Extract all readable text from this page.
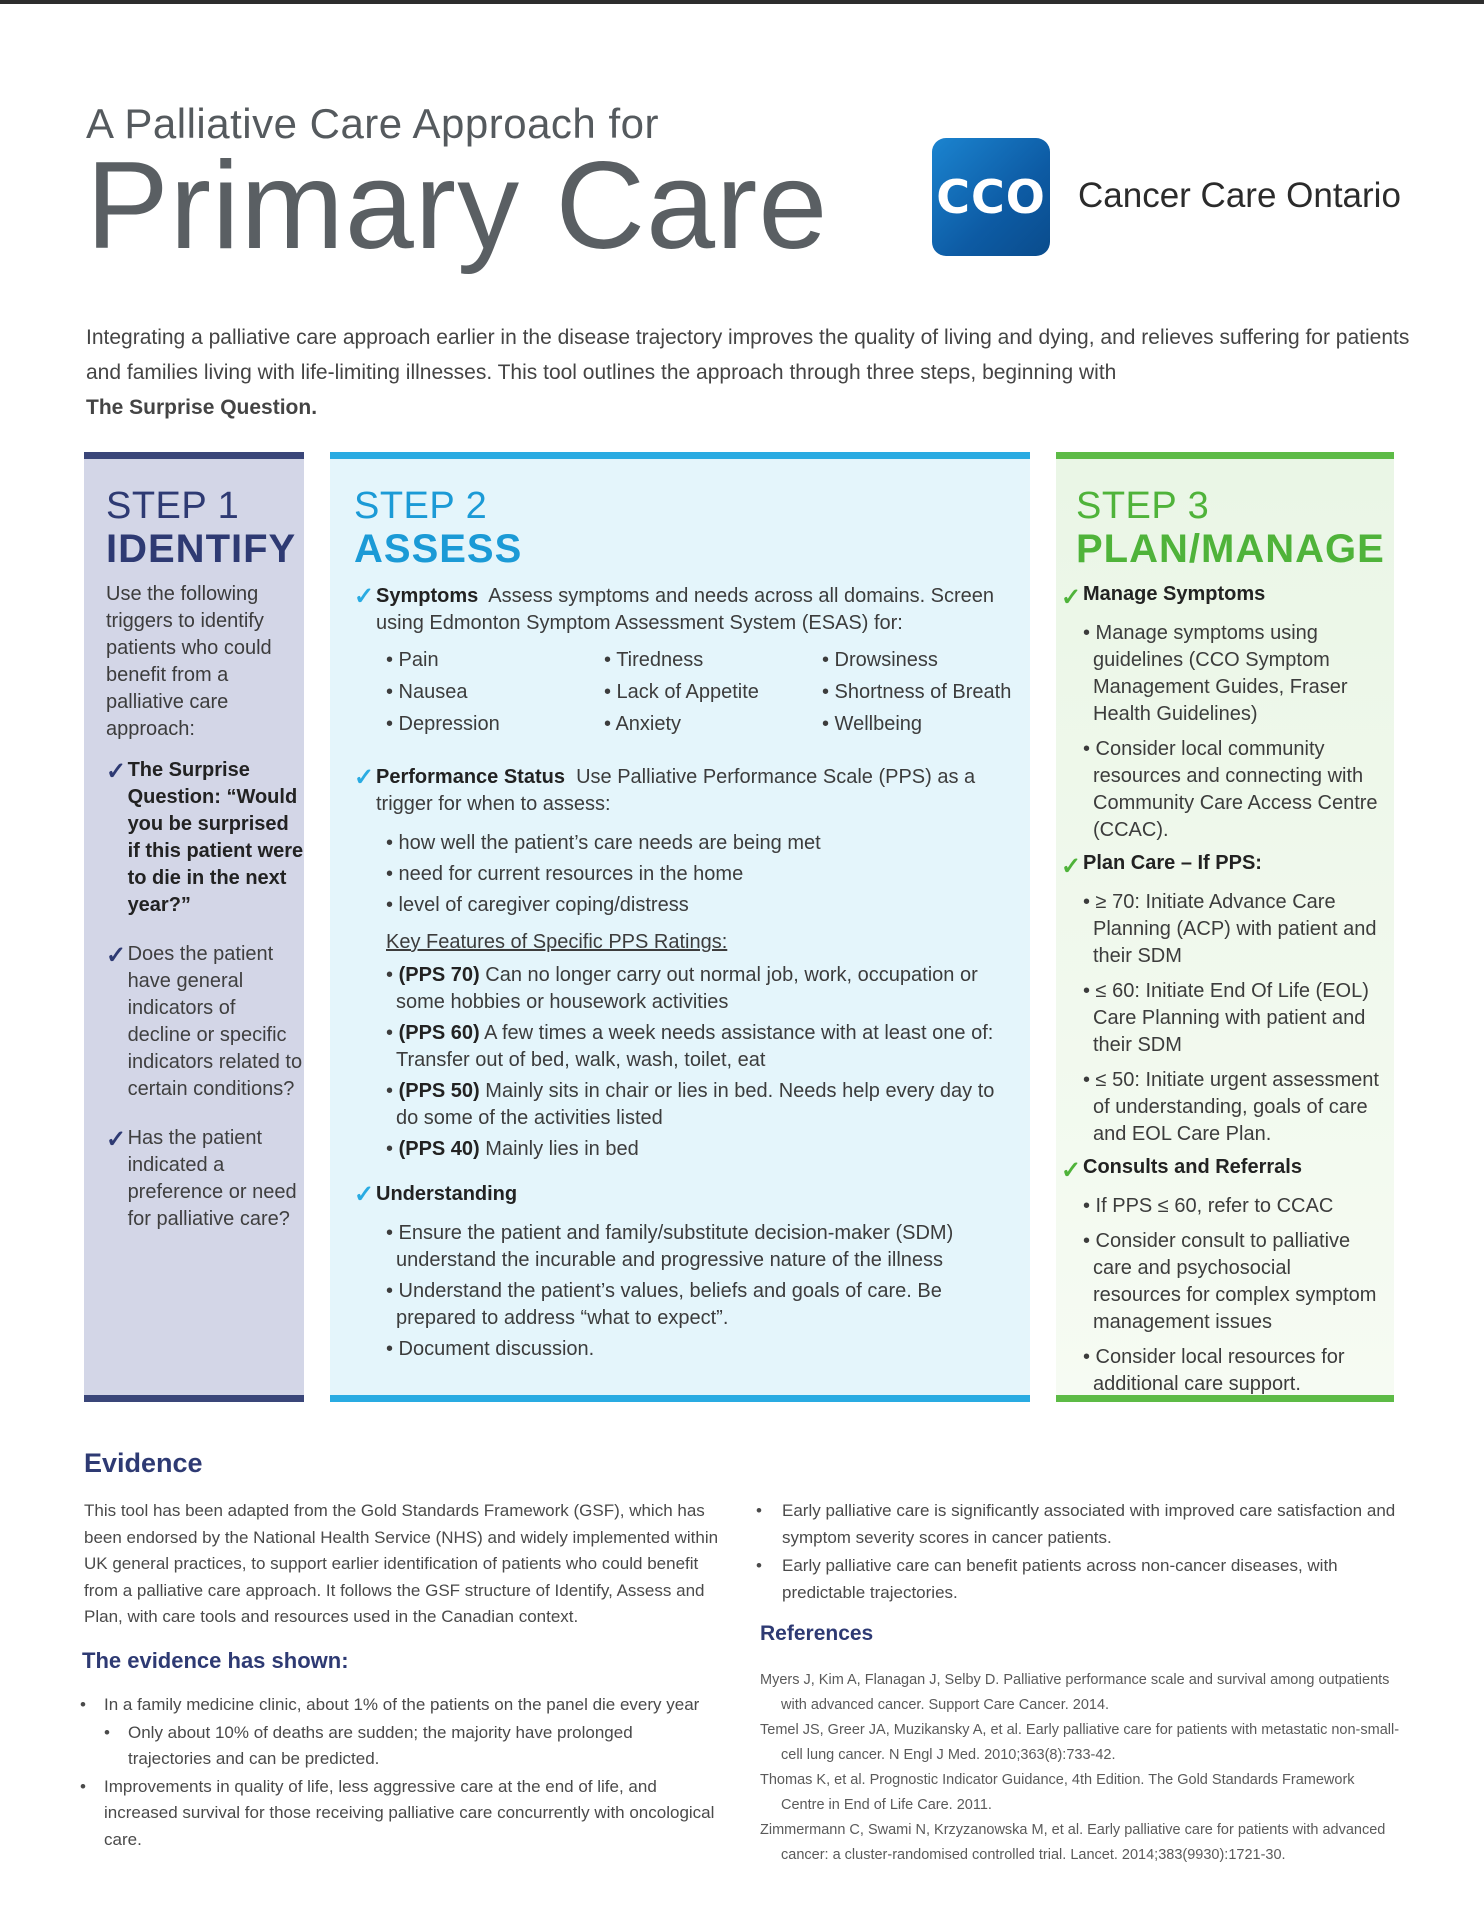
A Palliative Care Approach for
Primary Care CCO Cancer Care Ontario
Integrating a palliative care approach earlier in the disease trajectory improves the quality of living and dying, and relieves suffering for patients and families living with life-limiting illnesses. This tool outlines the approach through three steps, beginning with
The Surprise Question.
STEP 1
IDENTIFY
Use the following triggers to identify patients who could benefit from a palliative care approach:
✓ The Surprise Question: “Would you be surprised if this patient were to die in the next year?”
✓ Does the patient have general indicators of decline or specific indicators related to certain conditions?
✓ Has the patient indicated a preference or need for palliative care?
STEP 2
ASSESS
✓ Symptoms Assess symptoms and needs across all domains. Screen using Edmonton Symptom Assessment System (ESAS) for:
• Pain	• Tiredness	• Drowsiness
• Nausea	• Lack of Appetite	• Shortness of Breath
• Depression	• Anxiety	• Wellbeing
✓ Performance Status Use Palliative Performance Scale (PPS) as a trigger for when to assess:
• how well the patient’s care needs are being met
• need for current resources in the home
• level of caregiver coping/distress
Key Features of Specific PPS Ratings:
• (PPS 70) Can no longer carry out normal job, work, occupation or some hobbies or housework activities
• (PPS 60) A few times a week needs assistance with at least one of: Transfer out of bed, walk, wash, toilet, eat
• (PPS 50) Mainly sits in chair or lies in bed. Needs help every day to do some of the activities listed
• (PPS 40) Mainly lies in bed
✓ Understanding
• Ensure the patient and family/substitute decision-maker (SDM) understand the incurable and progressive nature of the illness
• Understand the patient’s values, beliefs and goals of care. Be prepared to address “what to expect”.
• Document discussion.
STEP 3
PLAN/MANAGE
✓ Manage Symptoms
• Manage symptoms using guidelines (CCO Symptom Management Guides, Fraser Health Guidelines)
• Consider local community resources and connecting with Community Care Access Centre (CCAC).
✓ Plan Care – If PPS:
• ≥ 70: Initiate Advance Care Planning (ACP) with patient and their SDM
• ≤ 60: Initiate End Of Life (EOL) Care Planning with patient and their SDM
• ≤ 50: Initiate urgent assessment of understanding, goals of care and EOL Care Plan.
✓ Consults and Referrals
• If PPS ≤ 60, refer to CCAC
• Consider consult to palliative care and psychosocial resources for complex symptom management issues
• Consider local resources for additional care support.
Evidence
This tool has been adapted from the Gold Standards Framework (GSF), which has been endorsed by the National Health Service (NHS) and widely implemented within UK general practices, to support earlier identification of patients who could benefit from a palliative care approach. It follows the GSF structure of Identify, Assess and Plan, with care tools and resources used in the Canadian context.
The evidence has shown:
•	In a family medicine clinic, about 1% of the patients on the panel die every year
•	Only about 10% of deaths are sudden; the majority have prolonged trajectories and can be predicted.
•	Improvements in quality of life, less aggressive care at the end of life, and increased survival for those receiving palliative care concurrently with oncological care.
•	Early palliative care is significantly associated with improved care satisfaction and symptom severity scores in cancer patients.
•	Early palliative care can benefit patients across non-cancer diseases, with predictable trajectories.
References
Myers J, Kim A, Flanagan J, Selby D. Palliative performance scale and survival among outpatients with advanced cancer. Support Care Cancer. 2014.
Temel JS, Greer JA, Muzikansky A, et al. Early palliative care for patients with metastatic non-small-cell lung cancer. N Engl J Med. 2010;363(8):733-42.
Thomas K, et al. Prognostic Indicator Guidance, 4th Edition. The Gold Standards Framework Centre in End of Life Care. 2011.
Zimmermann C, Swami N, Krzyzanowska M, et al. Early palliative care for patients with advanced cancer: a cluster-randomised controlled trial. Lancet. 2014;383(9930):1721-30.
